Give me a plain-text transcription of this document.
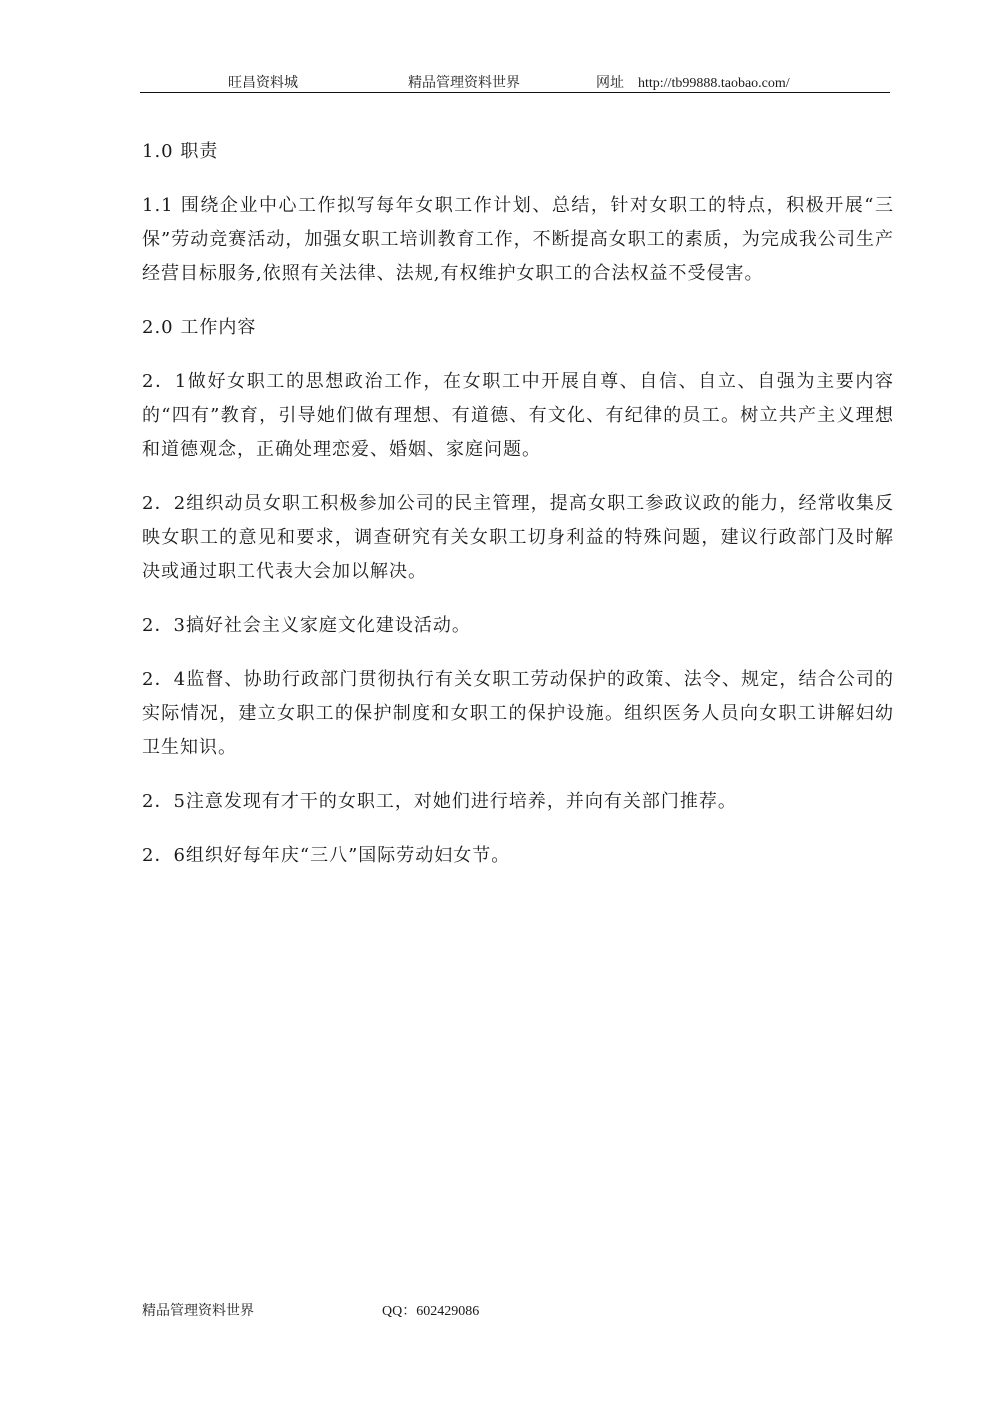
旺昌资料城	精品管理资料世界	网址 http://tb99888.taobao.com/

1.0 职责

1.1 围绕企业中心工作拟写每年女职工作计划、总结，针对女职工的特点，积极开展“三保”劳动竞赛活动，加强女职工培训教育工作，不断提高女职工的素质，为完成我公司生产经营目标服务,依照有关法律、法规,有权维护女职工的合法权益不受侵害。

2.0 工作内容

2．1做好女职工的思想政治工作，在女职工中开展自尊、自信、自立、自强为主要内容的“四有”教育，引导她们做有理想、有道德、有文化、有纪律的员工。树立共产主义理想和道德观念，正确处理恋爱、婚姻、家庭问题。

2．2组织动员女职工积极参加公司的民主管理，提高女职工参政议政的能力，经常收集反映女职工的意见和要求，调查研究有关女职工切身利益的特殊问题，建议行政部门及时解决或通过职工代表大会加以解决。

2．3搞好社会主义家庭文化建设活动。

2．4监督、协助行政部门贯彻执行有关女职工劳动保护的政策、法令、规定，结合公司的实际情况，建立女职工的保护制度和女职工的保护设施。组织医务人员向女职工讲解妇幼卫生知识。

2．5注意发现有才干的女职工，对她们进行培养，并向有关部门推荐。

2．6组织好每年庆“三八”国际劳动妇女节。

精品管理资料世界	QQ：602429086
